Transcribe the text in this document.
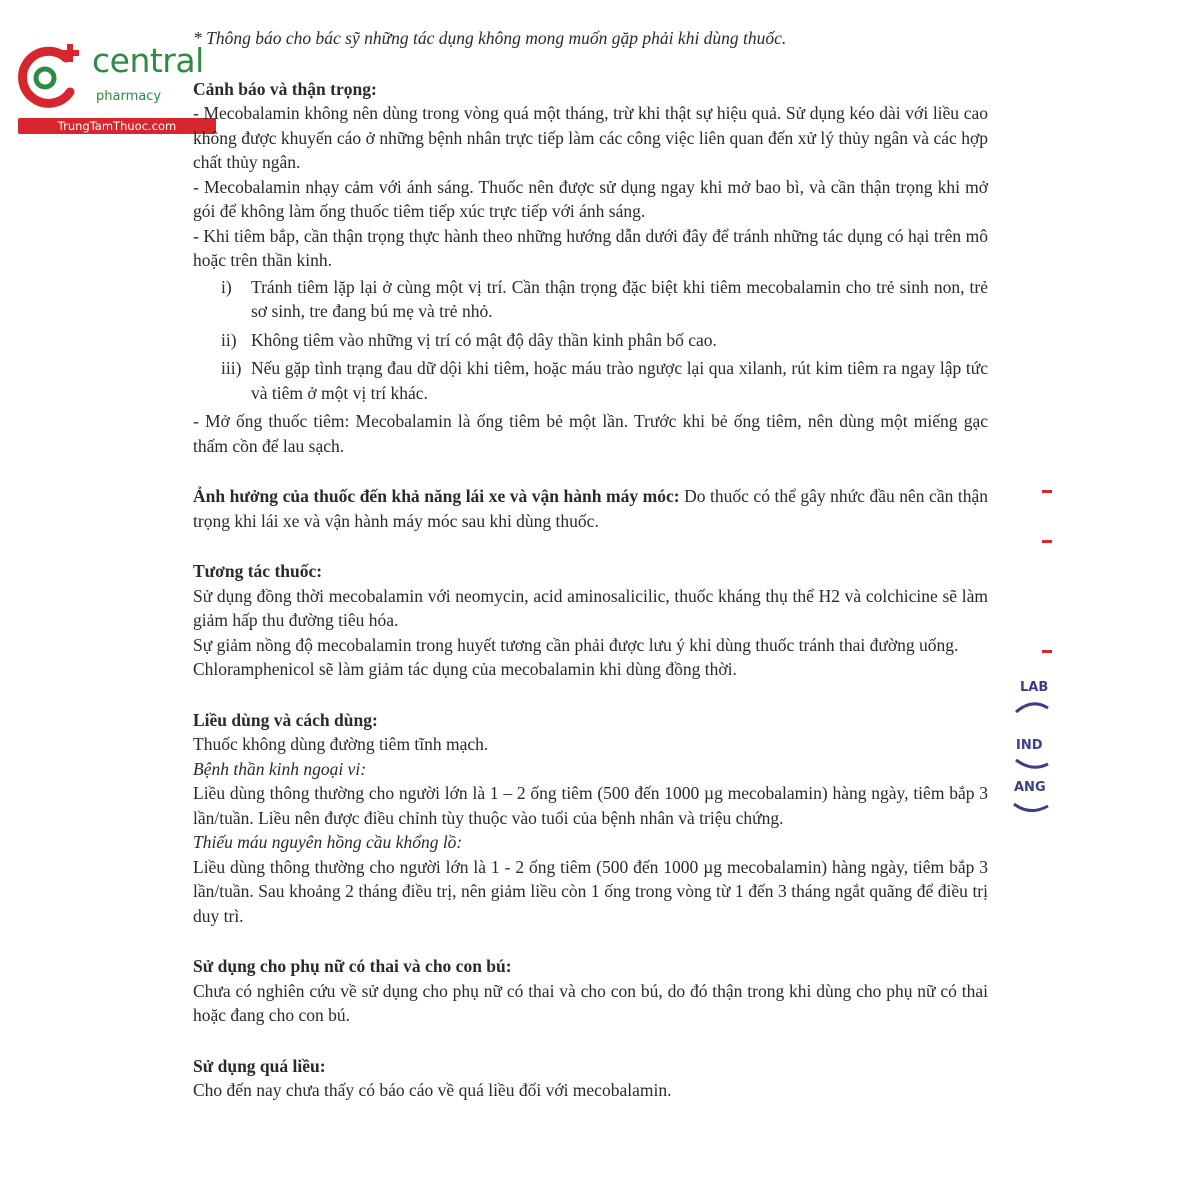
central
pharmacy
TrungTamThuoc.com

* Thông báo cho bác sỹ những tác dụng không mong muốn gặp phải khi dùng thuốc.

Cảnh báo và thận trọng:

- Mecobalamin không nên dùng trong vòng quá một tháng, trừ khi thật sự hiệu quả. Sử dụng kéo dài với liều cao không được khuyến cáo ở những bệnh nhân trực tiếp làm các công việc liên quan đến xử lý thủy ngân và các hợp chất thủy ngân.

- Mecobalamin nhạy cảm với ánh sáng. Thuốc nên được sử dụng ngay khi mở bao bì, và cần thận trọng khi mở gói để không làm ống thuốc tiêm tiếp xúc trực tiếp với ánh sáng.

- Khi tiêm bắp, cần thận trọng thực hành theo những hướng dẫn dưới đây để tránh những tác dụng có hại trên mô hoặc trên thần kinh.

i)	Tránh tiêm lặp lại ở cùng một vị trí. Cần thận trọng đặc biệt khi tiêm mecobalamin cho trẻ sinh non, trẻ sơ sinh, tre đang bú mẹ và trẻ nhỏ.
ii) Không tiêm vào những vị trí có mật độ dây thần kinh phân bố cao.
iii) Nếu gặp tình trạng đau dữ dội khi tiêm, hoặc máu trào ngược lại qua xilanh, rút kim tiêm ra ngay lập tức và tiêm ở một vị trí khác.

- Mở ống thuốc tiêm: Mecobalamin là ống tiêm bẻ một lần. Trước khi bẻ ống tiêm, nên dùng một miếng gạc thấm cồn để lau sạch.

Ảnh hưởng của thuốc đến khả năng lái xe và vận hành máy móc: Do thuốc có thể gây nhức đầu nên cần thận trọng khi lái xe và vận hành máy móc sau khi dùng thuốc.

Tương tác thuốc:

Sử dụng đồng thời mecobalamin với neomycin, acid aminosalicilic, thuốc kháng thụ thể H2 và colchicine sẽ làm giảm hấp thu đường tiêu hóa.

Sự giảm nồng độ mecobalamin trong huyết tương cần phải được lưu ý khi dùng thuốc tránh thai đường uống.

Chloramphenicol sẽ làm giảm tác dụng của mecobalamin khi dùng đồng thời.

Liều dùng và cách dùng:

Thuốc không dùng đường tiêm tĩnh mạch.

Bệnh thần kinh ngoại vi:

Liều dùng thông thường cho người lớn là 1 – 2 ống tiêm (500 đến 1000 µg mecobalamin) hàng ngày, tiêm bắp 3 lần/tuần. Liều nên được điều chỉnh tùy thuộc vào tuổi của bệnh nhân và triệu chứng.

Thiếu máu nguyên hồng cầu khổng lồ:

Liều dùng thông thường cho người lớn là 1 - 2 ống tiêm (500 đến 1000 µg mecobalamin) hàng ngày, tiêm bắp 3 lần/tuần. Sau khoảng 2 tháng điều trị, nên giảm liều còn 1 ống trong vòng từ 1 đến 3 tháng ngắt quãng để điều trị duy trì.

Sử dụng cho phụ nữ có thai và cho con bú:

Chưa có nghiên cứu về sử dụng cho phụ nữ có thai và cho con bú, do đó thận trong khi dùng cho phụ nữ có thai hoặc đang cho con bú.

Sử dụng quá liều:

Cho đến nay chưa thấy có báo cáo về quá liều đối với mecobalamin.

LAB
IND
ANG
